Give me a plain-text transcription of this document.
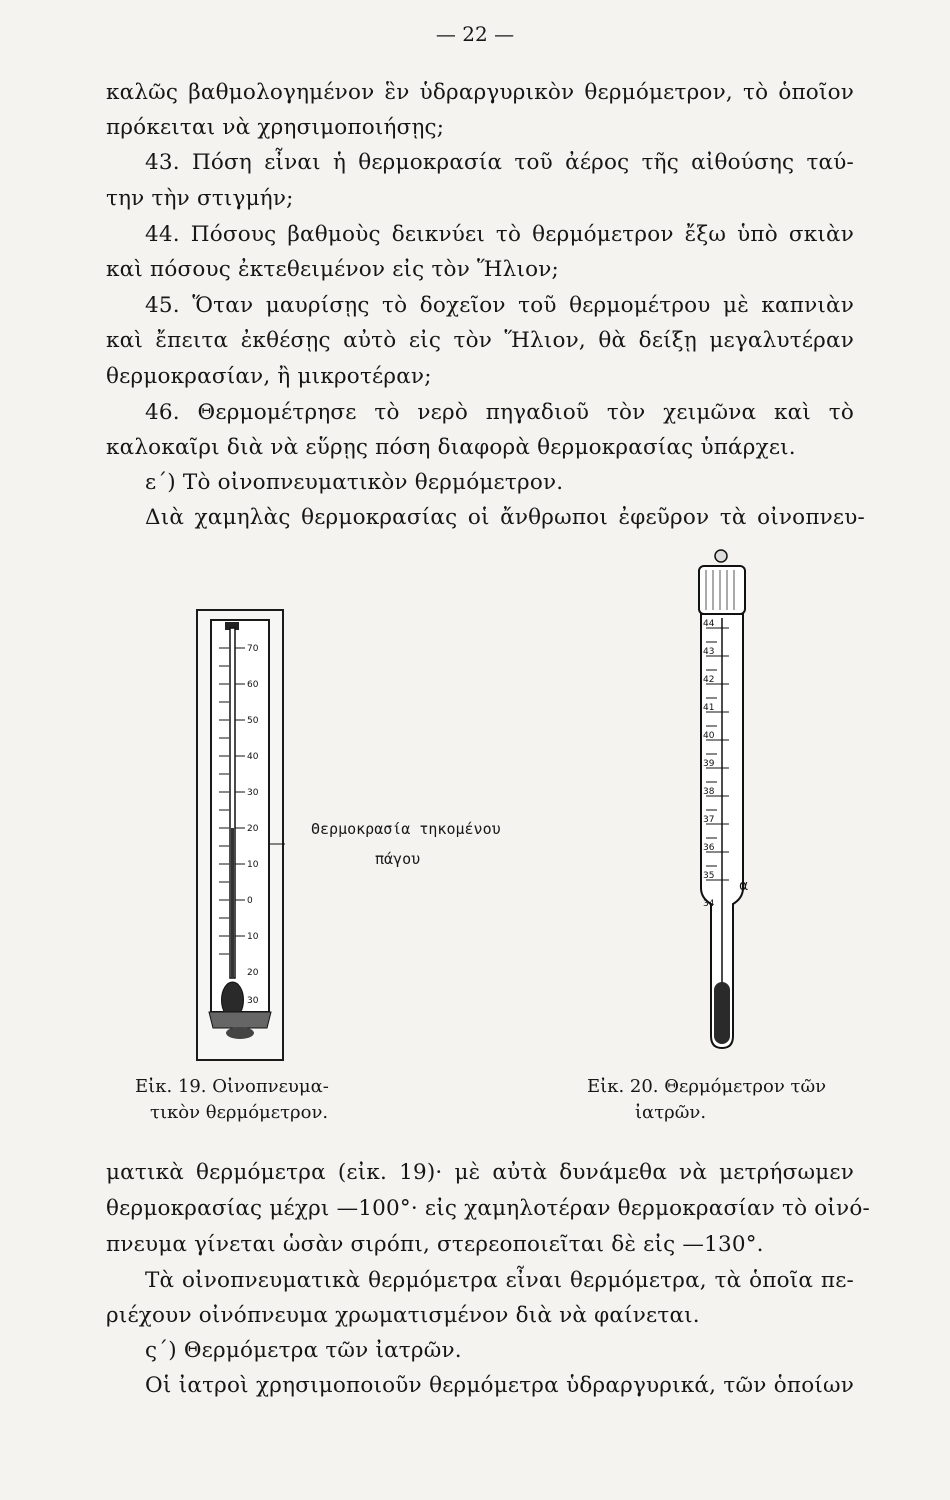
— 22 —
καλῶς βαθμολογημένον ἓν ὑδραργυρικὸν θερμόμετρον, τὸ ὁποῖον
πρόκειται νὰ χρησιμοποιήσῃς;
43. Πόση εἶναι ἡ θερμοκρασία τοῦ ἀέρος τῆς αἰθούσης ταύ-
την τὴν στιγμήν;
44. Πόσους βαθμοὺς δεικνύει τὸ θερμόμετρον ἔξω ὑπὸ σκιὰν
καὶ πόσους ἐκτεθειμένον εἰς τὸν Ἥλιον;
45. Ὅταν μαυρίσῃς τὸ δοχεῖον τοῦ θερμομέτρου μὲ καπνιὰν
καὶ ἔπειτα ἐκθέσῃς αὐτὸ εἰς τὸν Ἥλιον, θὰ δείξῃ μεγαλυτέραν
θερμοκρασίαν, ἢ μικροτέραν;
46. Θερμομέτρησε τὸ νερὸ πηγαδιοῦ τὸν χειμῶνα καὶ τὸ
καλοκαῖρι διὰ νὰ εὕρῃς πόση διαφορὰ θερμοκρασίας ὑπάρχει.
ε΄) Τὸ οἰνοπνευματικὸν θερμόμετρον.
Διὰ χαμηλὰς θερμοκρασίας οἱ ἄνθρωποι ἐφεῦρον τὰ οἰνοπνευ-
70
60
50
40
30
20
10
0
10
20
30
Θερμοκρασία τηκομένου
πάγου
44
43
42
41
40
39
38
37
36
35
34
α
Εἰκ. 19. Οἰνοπνευμα-
τικὸν θερμόμετρον.
Εἰκ. 20. Θερμόμετρον τῶν
ἰατρῶν.
ματικὰ θερμόμετρα (εἰκ. 19)· μὲ αὐτὰ δυνάμεθα νὰ μετρήσωμεν
θερμοκρασίας μέχρι —100°· εἰς χαμηλοτέραν θερμοκρασίαν τὸ οἰνό-
πνευμα γίνεται ὡσὰν σιρόπι, στερεοποιεῖται δὲ εἰς —130°.
Τὰ οἰνοπνευματικὰ θερμόμετρα εἶναι θερμόμετρα, τὰ ὁποῖα πε-
ριέχουν οἰνόπνευμα χρωματισμένον διὰ νὰ φαίνεται.
ς΄) Θερμόμετρα τῶν ἰατρῶν.
Οἱ ἰατροὶ χρησιμοποιοῦν θερμόμετρα ὑδραργυρικά, τῶν ὁποίων
